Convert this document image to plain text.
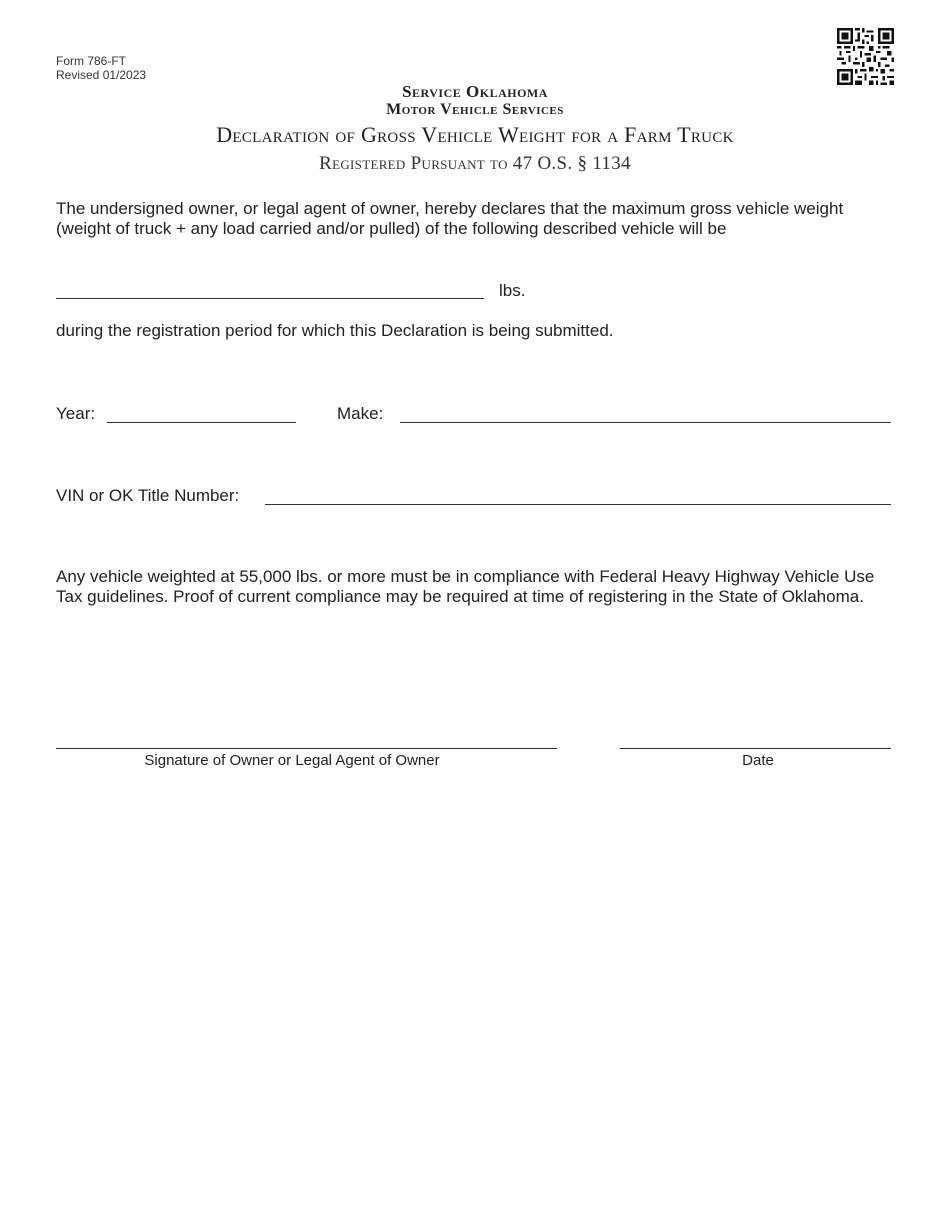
Form 786-FT
Revised 01/2023
Service Oklahoma
Motor Vehicle Services
Declaration of Gross Vehicle Weight for a Farm Truck
Registered Pursuant to 47 O.S. § 1134
The undersigned owner, or legal agent of owner, hereby declares that the maximum gross vehicle weight (weight of truck + any load carried and/or pulled) of the following described vehicle will be
lbs.
during the registration period for which this Declaration is being submitted.
Year:	Make:
VIN or OK Title Number:
Any vehicle weighted at 55,000 lbs. or more must be in compliance with Federal Heavy Highway Vehicle Use Tax guidelines. Proof of current compliance may be required at time of registering in the State of Oklahoma.
Signature of Owner or Legal Agent of Owner	Date
